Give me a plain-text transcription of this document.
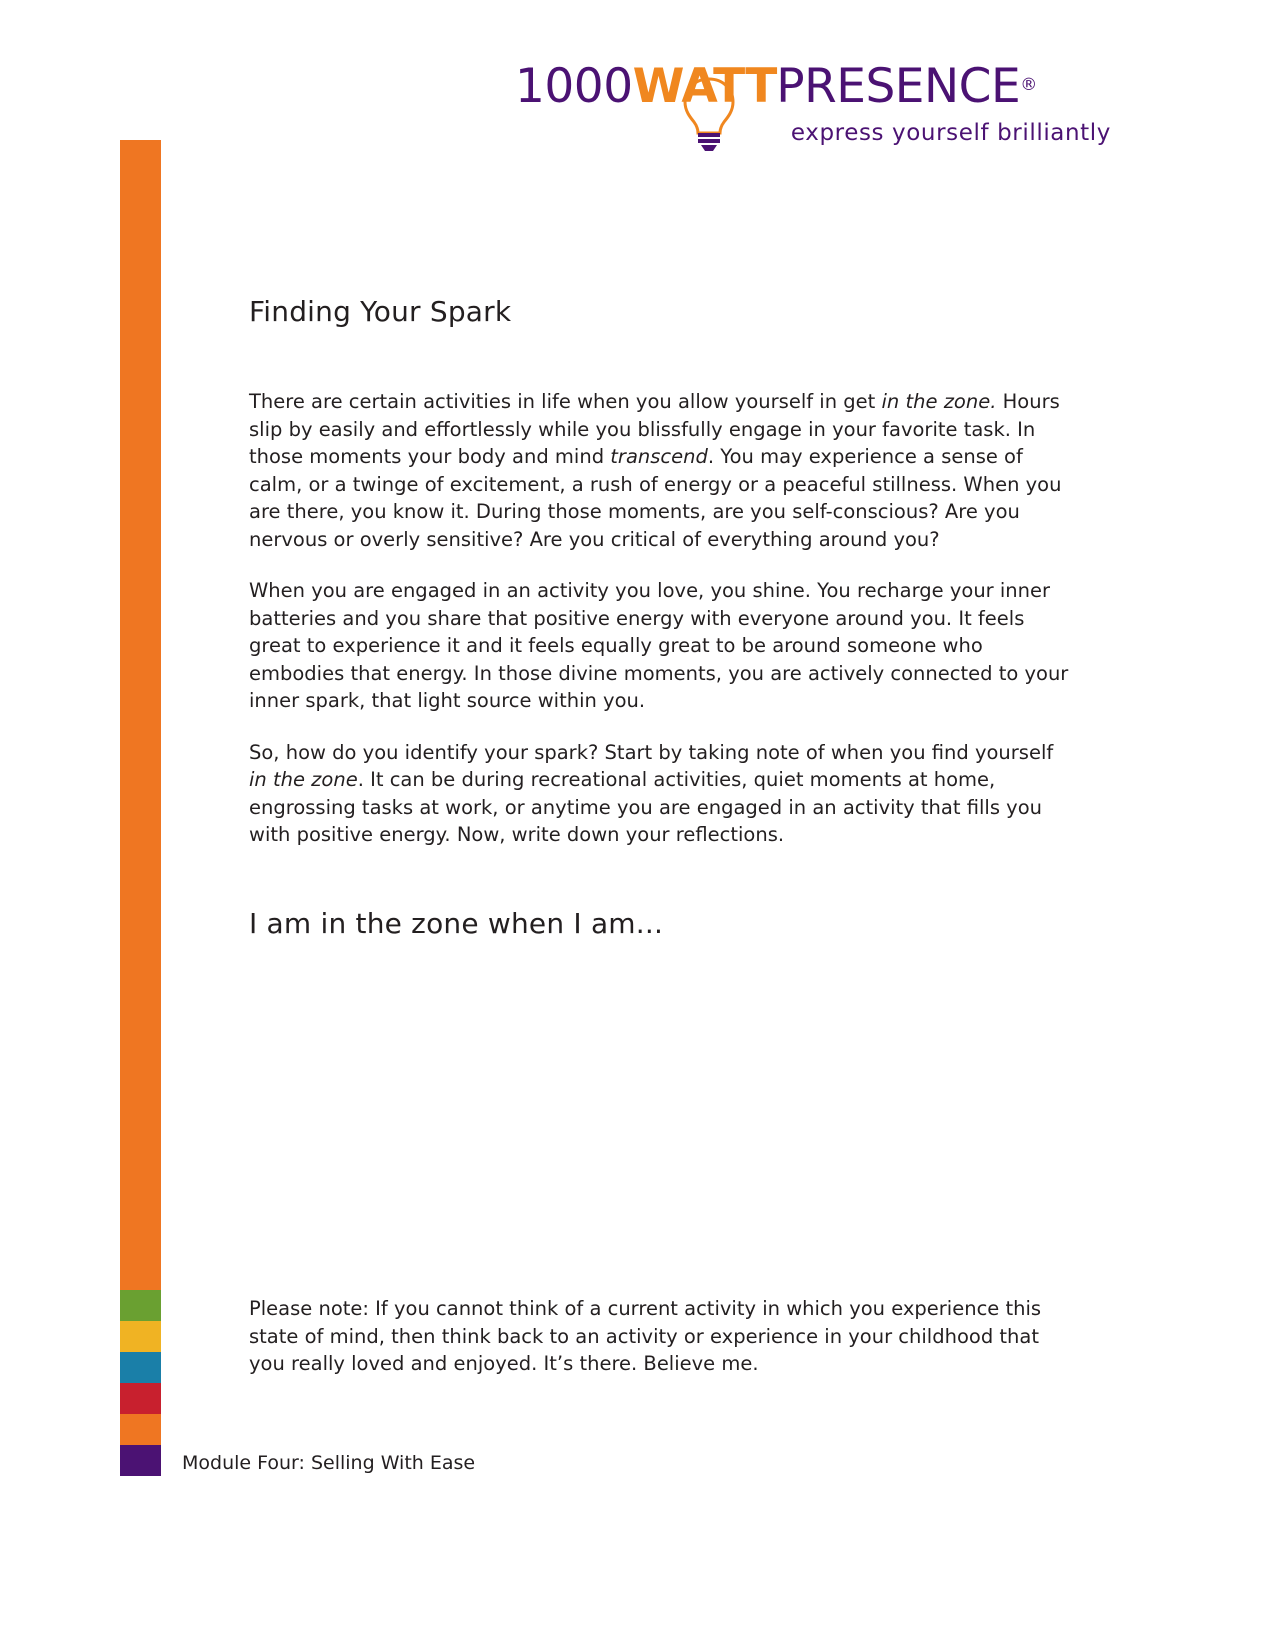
1000WATTPRESENCE ®
express yourself brilliantly
Finding Your Spark

There are certain activities in life when you allow yourself in get in the zone. Hours slip by easily and effortlessly while you blissfully engage in your favorite task. In those moments your body and mind transcend. You may experience a sense of calm, or a twinge of excitement, a rush of energy or a peaceful stillness. When you are there, you know it. During those moments, are you self-conscious? Are you nervous or overly sensitive? Are you critical of everything around you?

When you are engaged in an activity you love, you shine. You recharge your inner batteries and you share that positive energy with everyone around you. It feels great to experience it and it feels equally great to be around someone who embodies that energy. In those divine moments, you are actively connected to your inner spark, that light source within you.

So, how do you identify your spark? Start by taking note of when you find yourself in the zone. It can be during recreational activities, quiet moments at home, engrossing tasks at work, or anytime you are engaged in an activity that fills you with positive energy. Now, write down your reflections.

I am in the zone when I am...
Please note: If you cannot think of a current activity in which you experience this state of mind, then think back to an activity or experience in your childhood that you really loved and enjoyed. It’s there. Believe me.
Module Four: Selling With Ease
